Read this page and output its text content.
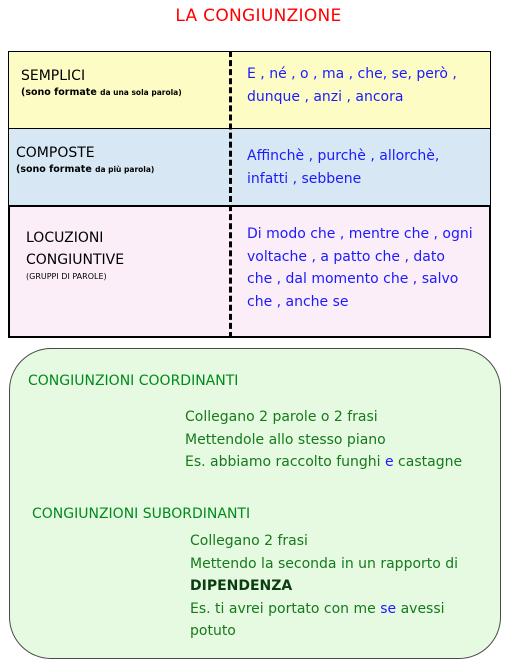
LA CONGIUNZIONE
SEMPLICI
(sono formate da una sola parola)
E , né , o , ma , che, se, però ,
dunque , anzi , ancora
COMPOSTE
(sono formate da più parola)
Affinchè , purchè , allorchè,
infatti , sebbene
LOCUZIONI
CONGIUNTIVE
(GRUPPI DI PAROLE)
Di modo che , mentre che , ogni
voltache , a patto che , dato
che , dal momento che , salvo
che , anche se
CONGIUNZIONI COORDINANTI
Collegano 2 parole o 2 frasi
Mettendole allo stesso piano
Es. abbiamo raccolto funghi e castagne
CONGIUNZIONI SUBORDINANTI
Collegano 2 frasi
Mettendo la seconda in un rapporto di
DIPENDENZA
Es. ti avrei portato con me se avessi
potuto
